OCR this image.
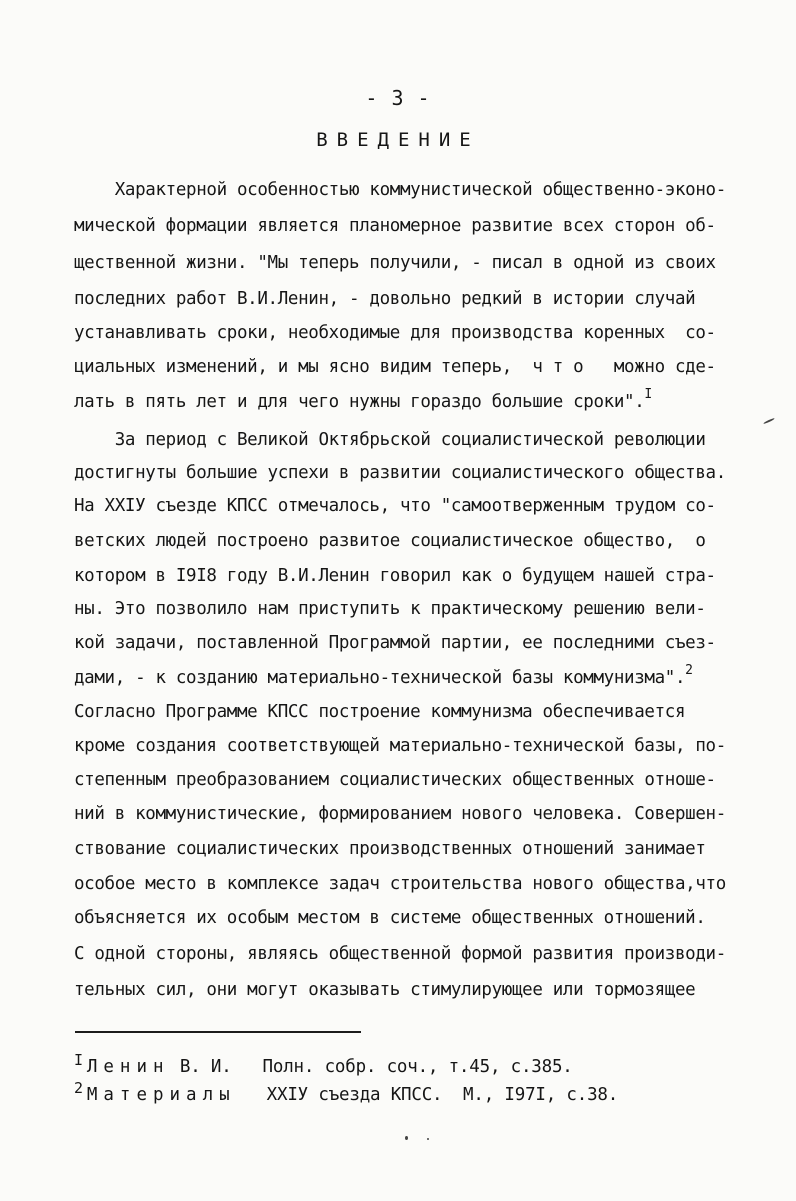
- 3 -
ВВЕДЕНИЕ
Характерной особенностью коммунистической общественно-эконо-
мической формации является планомерное развитие всех сторон об-
щественной жизни. "Мы теперь получили, - писал в одной из своих
последних работ В.И.Ленин, - довольно редкий в истории случай
устанавливать сроки, необходимые для производства коренных  со-
циальных изменений, и мы ясно видим теперь,  ч т о   можно сде-
лать в пять лет и для чего нужны гораздо большие сроки".$^I$
За период с Великой Октябрьской социалистической революции
достигнуты большие успехи в развитии социалистического общества.
На XXIУ съезде КПСС отмечалось, что "самоотверженным трудом со-
ветских людей построено развитое социалистическое общество,  о
котором в I9I8 году В.И.Ленин говорил как о будущем нашей стра-
ны. Это позволило нам приступить к практическому решению вели-
кой задачи, поставленной Программой партии, ее последними съез-
дами, - к созданию материально-технической базы коммунизма".$^2$
Согласно Программе КПСС построение коммунизма обеспечивается
кроме создания соответствующей материально-технической базы, по-
степенным преобразованием социалистических общественных отноше-
ний в коммунистические, формированием нового человека. Совершен-
ствование социалистических производственных отношений занимает
особое место в комплексе задач строительства нового общества,что
объясняется их особым местом в системе общественных отношений.
С одной стороны, являясь общественной формой развития производи-
тельных сил, они могут оказывать стимулирующее или тормозящее
I Ленин В. И.   Полн. собр. соч., т.45, с.385.
2 Материалы   XXIУ съезда КПСС.  М., I97I, с.38.
